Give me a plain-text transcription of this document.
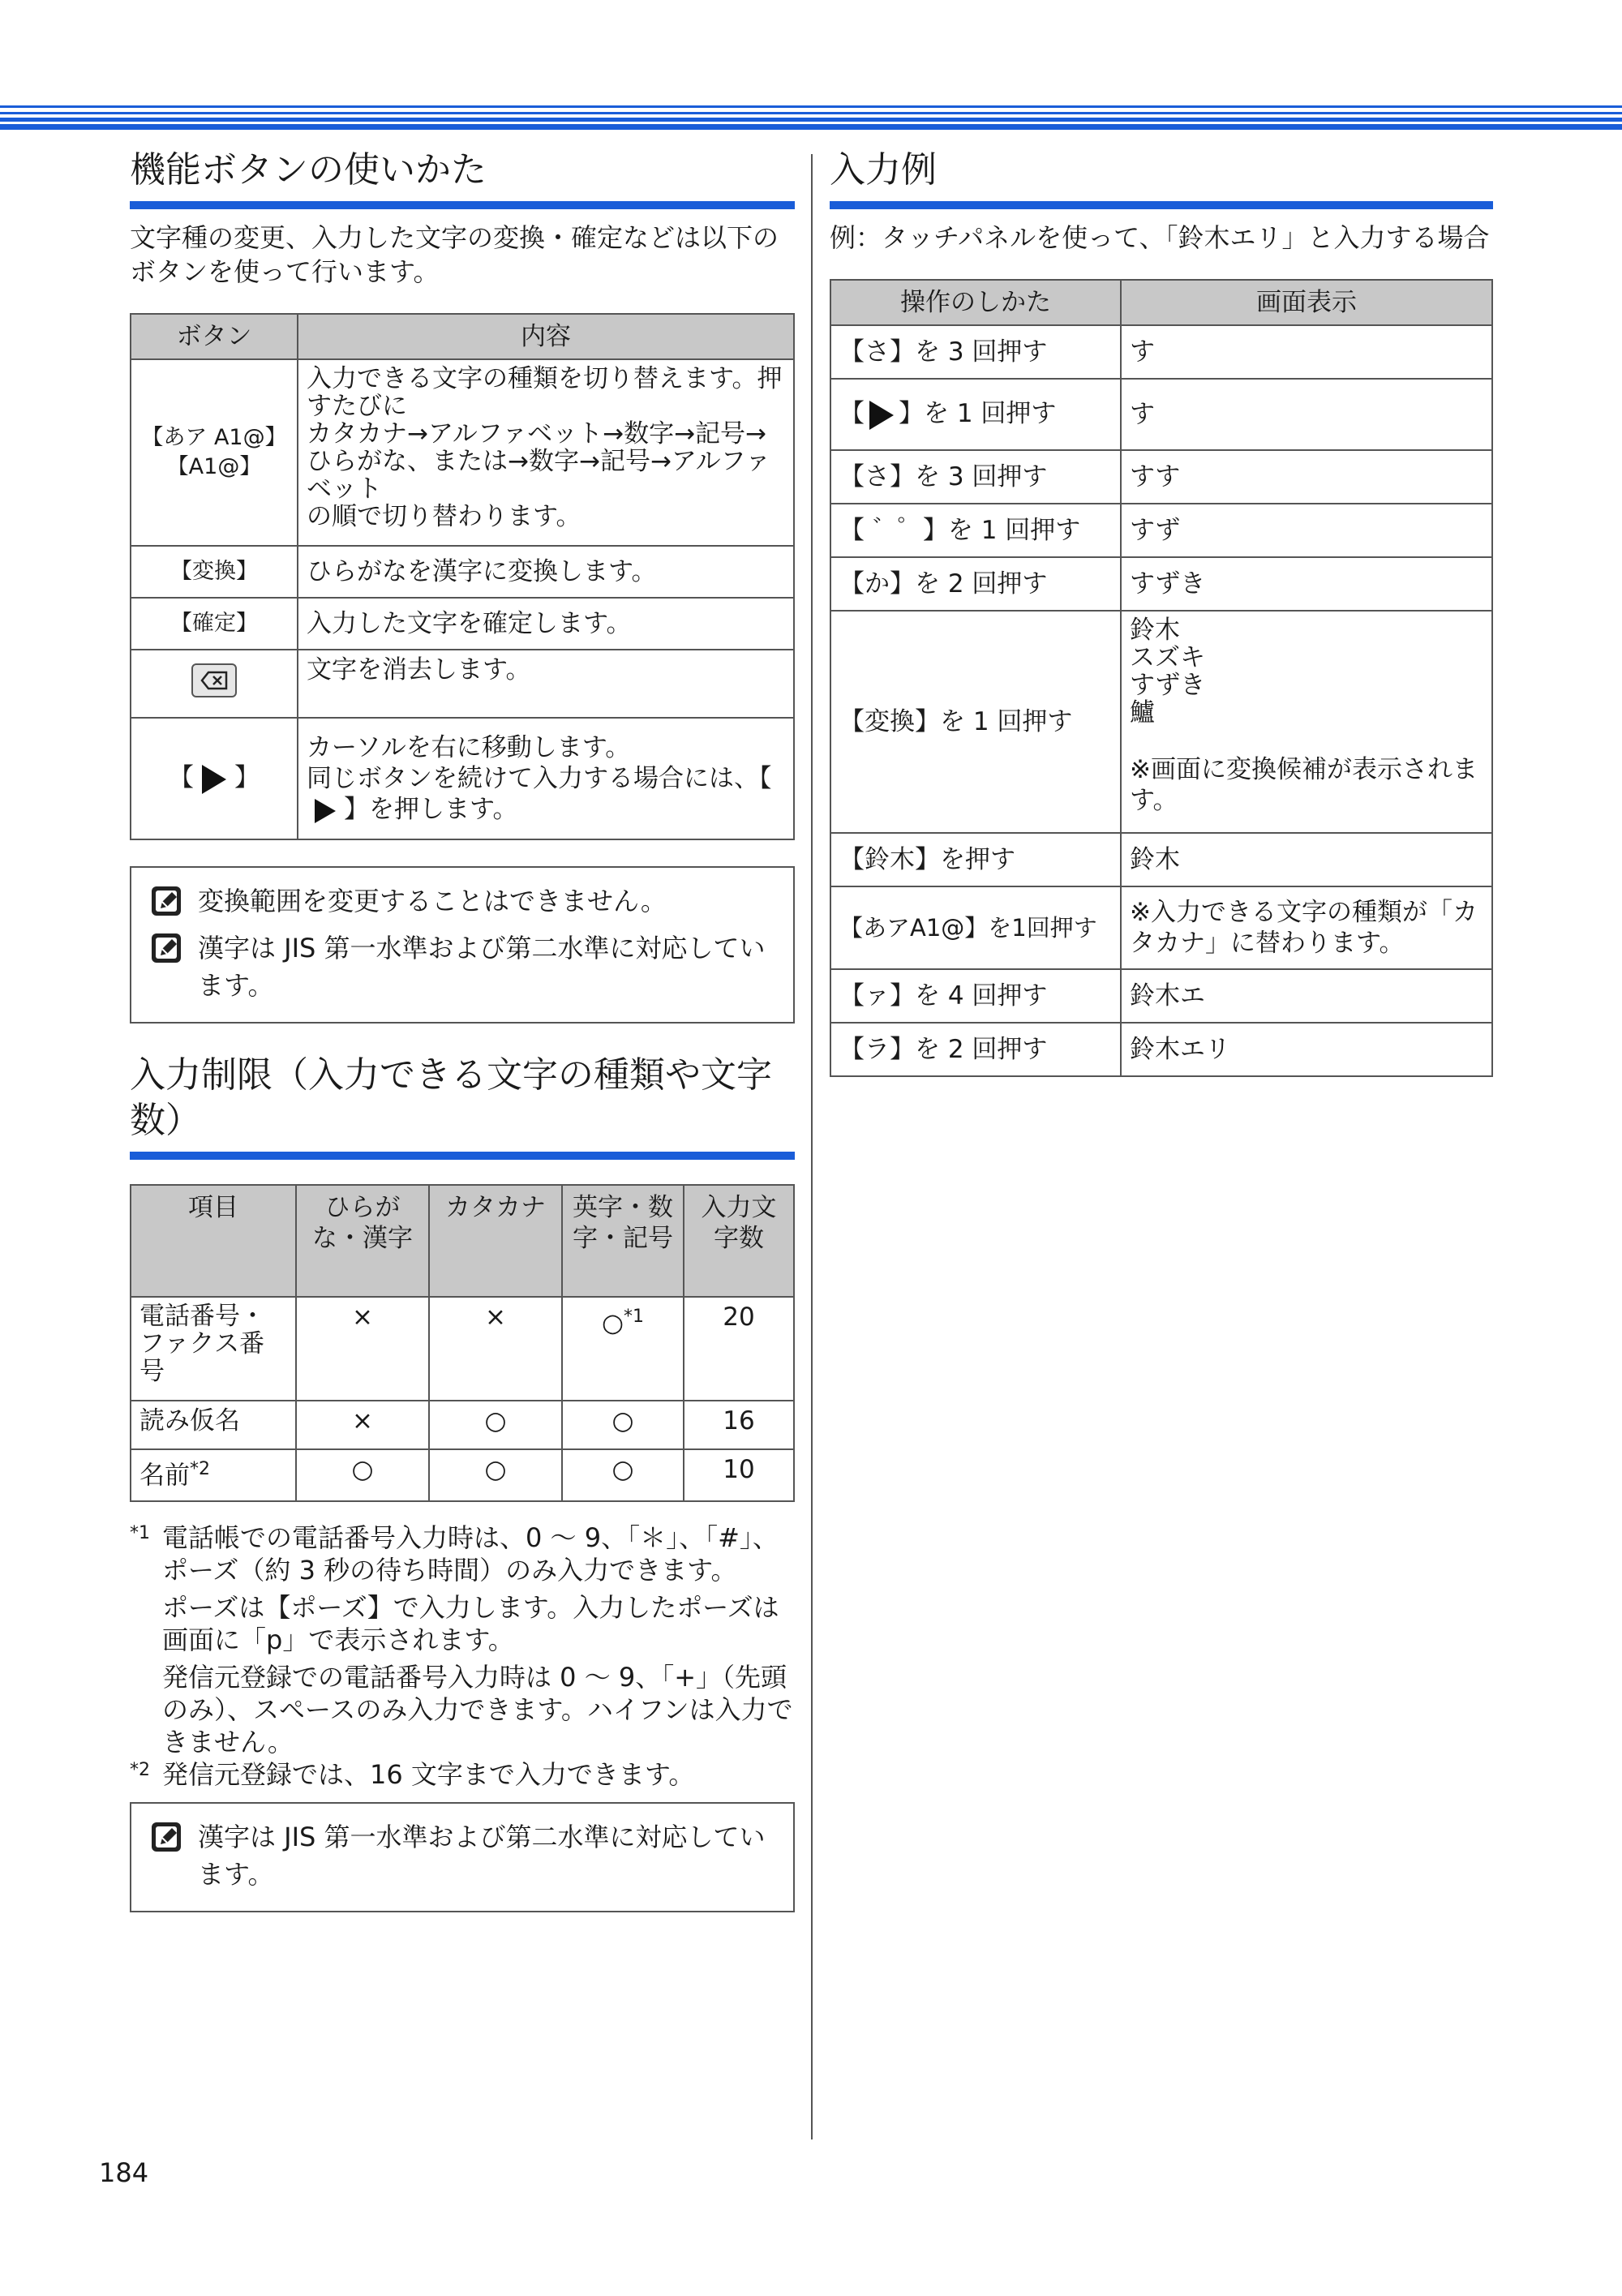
機能ボタンの使いかた

文字種の変更、入力した文字の変換・確定などは以下のボタンを使って行います。

ボタン	内容
【あア A1@】
【A1@】	入力できる文字の種類を切り替えます。押すたびに
カタカナ→アルファベット→数字→記号→ひらがな、または→数字→記号→アルファベット
の順で切り替わります。
【変換】	ひらがなを漢字に変換します。
【確定】	入力した文字を確定します。
	文字を消去します。
【 】	カーソルを右に移動します。
同じボタンを続けて入力する場合には、【】を押します。
変換範囲を変更することはできません。
漢字は JIS 第一水準および第二水準に対応しています。
入力制限（入力できる文字の種類や文字数）
項目	ひらがな・漢字	カタカナ	英字・数字・記号	入力文字数
電話番号・ファクス番号	×	×	○$^{*1}$	20
読み仮名	×	○	○	16
名前$^{*2}$	○	○	○	10
*1 電話帳での電話番号入力時は、0 〜 9、「＊」、「#」、ポーズ（約 3 秒の待ち時間）のみ入力できます。

ポーズは【ポーズ】で入力します。入力したポーズは画面に「p」で表示されます。

発信元登録での電話番号入力時は 0 〜 9、「+」（先頭のみ）、スペースのみ入力できます。ハイフンは入力できません。

*2 発信元登録では、16 文字まで入力できます。

漢字は JIS 第一水準および第二水準に対応しています。
入力例

例：タッチパネルを使って、「鈴木エリ」と入力する場合

操作のしかた	画面表示
【さ】を 3 回押す	す
【 】を 1 回押す	す
【さ】を 3 回押す	すす
【 ゛゜】を 1 回押す	すず
【か】を 2 回押す	すずき
【変換】を 1 回押す	鈴木
スズキ
すずき
鱸
※画面に変換候補が表示されます。

【鈴木】を押す	鈴木
【あアA1@】を1回押す	※入力できる文字の種類が「カタカナ」に替わります。
【ァ】を 4 回押す	鈴木エ
【ラ】を 2 回押す	鈴木エリ
184
